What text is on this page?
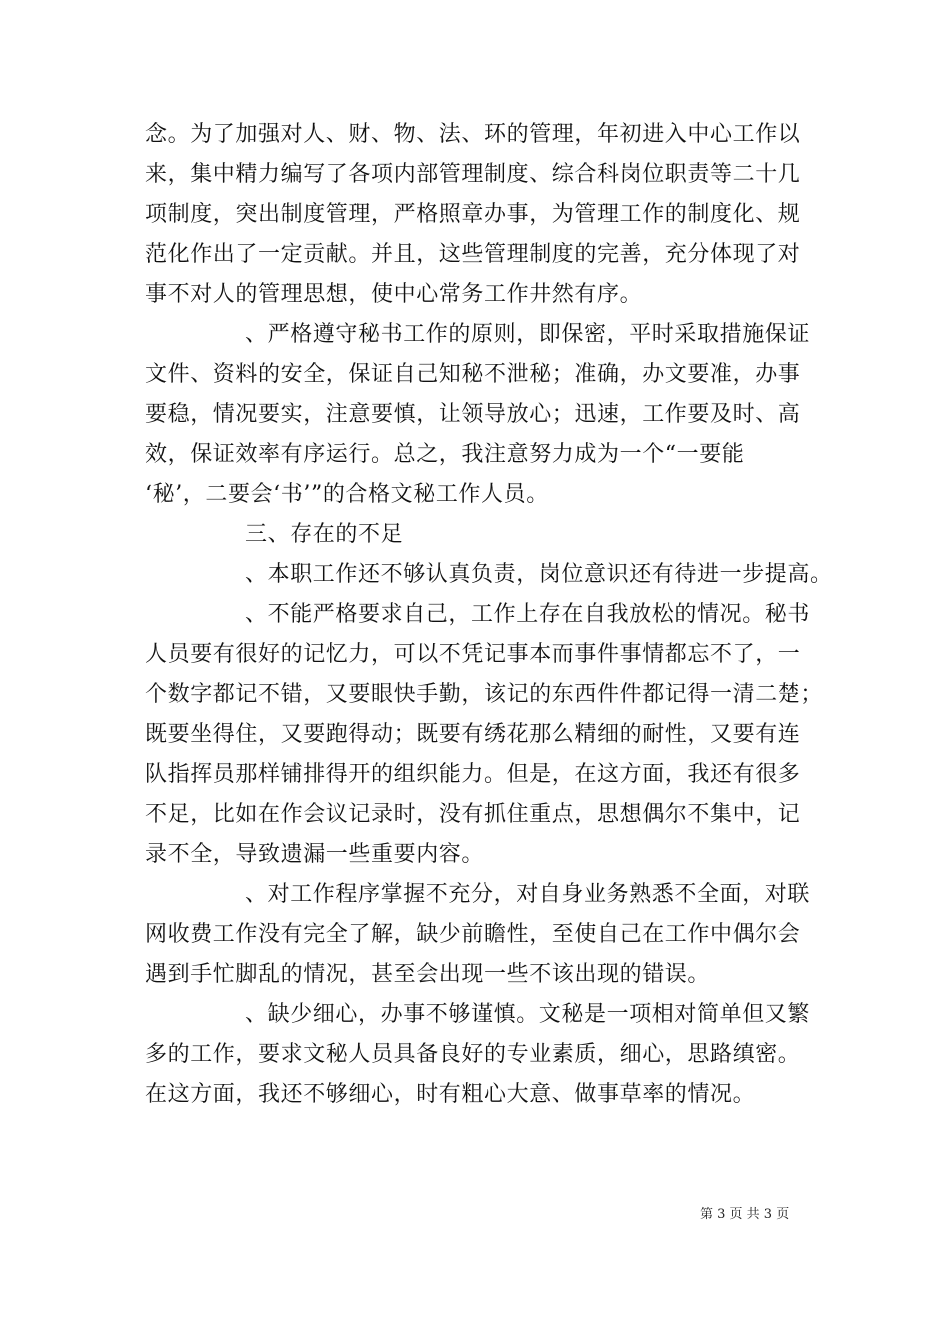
念。为了加强对人、财、物、法、环的管理，年初进入中心工作以
来，集中精力编写了各项内部管理制度、综合科岗位职责等二十几
项制度，突出制度管理，严格照章办事，为管理工作的制度化、规
范化作出了一定贡献。并且，这些管理制度的完善，充分体现了对
事不对人的管理思想，使中心常务工作井然有序。
、严格遵守秘书工作的原则，即保密，平时采取措施保证
文件、资料的安全，保证自己知秘不泄秘；准确，办文要准，办事
要稳，情况要实，注意要慎，让领导放心；迅速，工作要及时、高
效，保证效率有序运行。总之，我注意努力成为一个“一要能
‘秘’，二要会‘书’”的合格文秘工作人员。
三、存在的不足
、本职工作还不够认真负责，岗位意识还有待进一步提高。
、不能严格要求自己，工作上存在自我放松的情况。秘书
人员要有很好的记忆力，可以不凭记事本而事件事情都忘不了，一
个数字都记不错，又要眼快手勤，该记的东西件件都记得一清二楚；
既要坐得住，又要跑得动；既要有绣花那么精细的耐性，又要有连
队指挥员那样铺排得开的组织能力。但是，在这方面，我还有很多
不足，比如在作会议记录时，没有抓住重点，思想偶尔不集中，记
录不全，导致遗漏一些重要内容。
、对工作程序掌握不充分，对自身业务熟悉不全面，对联
网收费工作没有完全了解，缺少前瞻性，至使自己在工作中偶尔会
遇到手忙脚乱的情况，甚至会出现一些不该出现的错误。
、缺少细心，办事不够谨慎。文秘是一项相对简单但又繁
多的工作，要求文秘人员具备良好的专业素质，细心，思路缜密。
在这方面，我还不够细心，时有粗心大意、做事草率的情况。
第 3 页 共 3 页
